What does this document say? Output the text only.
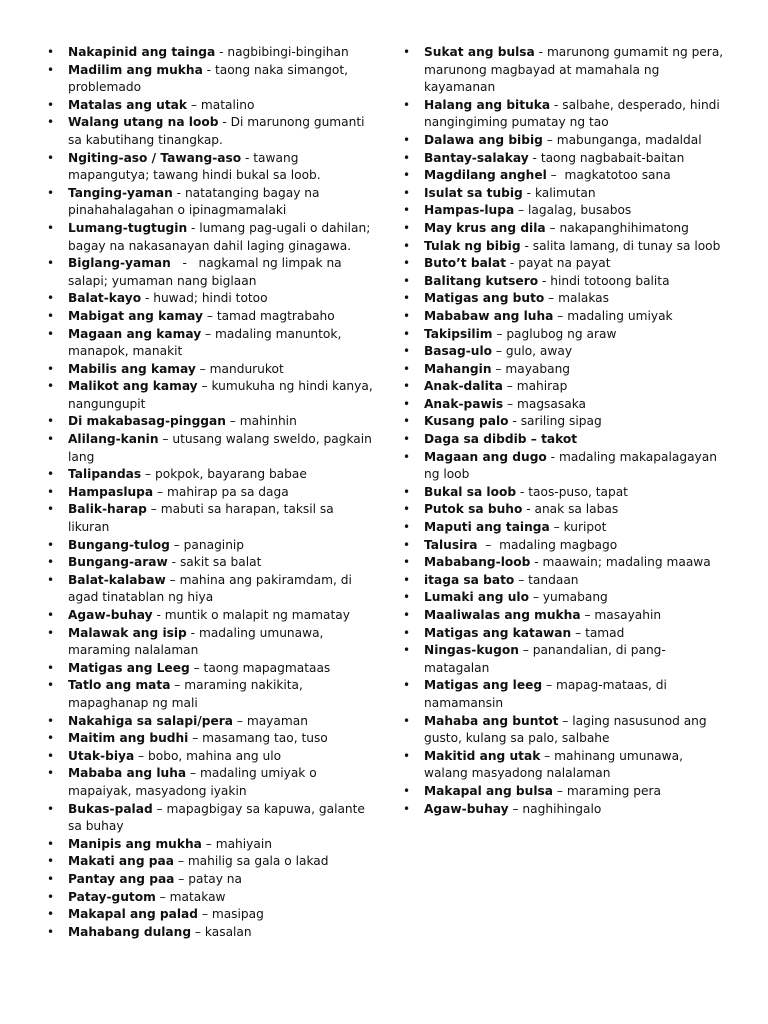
• Nakapinid ang tainga - nagbibingi-bingihan
• Madilim ang mukha - taong naka simangot, problemado
• Matalas ang utak – matalino
• Walang utang na loob - Di marunong gumanti sa kabutihang tinangkap.
• Ngiting-aso / Tawang-aso - tawang mapangutya; tawang hindi bukal sa loob.
• Tanging-yaman - natatanging bagay na pinahahalagahan o ipinagmamalaki
• Lumang-tugtugin - lumang pag-ugali o dahilan; bagay na nakasanayan dahil laging ginagawa.
• Biglang-yaman   -   nagkamal ng limpak na salapi; yumaman nang biglaan
• Balat-kayo - huwad; hindi totoo
• Mabigat ang kamay – tamad magtrabaho
• Magaan ang kamay – madaling manuntok, manapok, manakit
• Mabilis ang kamay – mandurukot
• Malikot ang kamay – kumukuha ng hindi kanya, nangungupit
• Di makabasag-pinggan – mahinhin
• Alilang-kanin – utusang walang sweldo, pagkain lang
• Talipandas – pokpok, bayarang babae
• Hampaslupa – mahirap pa sa daga
• Balik-harap – mabuti sa harapan, taksil sa likuran
• Bungang-tulog – panaginip
• Bungang-araw - sakit sa balat
• Balat-kalabaw – mahina ang pakiramdam, di agad tinatablan ng hiya
• Agaw-buhay - muntik o malapit ng mamatay
• Malawak ang isip - madaling umunawa, maraming nalalaman
• Matigas ang Leeg – taong mapagmataas
• Tatlo ang mata – maraming nakikita, mapaghanap ng mali
• Nakahiga sa salapi/pera – mayaman
• Maitim ang budhi – masamang tao, tuso
• Utak-biya – bobo, mahina ang ulo
• Mababa ang luha – madaling umiyak o mapaiyak, masyadong iyakin
• Bukas-palad – mapagbigay sa kapuwa, galante sa buhay
• Manipis ang mukha – mahiyain
• Makati ang paa – mahilig sa gala o lakad
• Pantay ang paa – patay na
• Patay-gutom – matakaw
• Makapal ang palad – masipag
• Mahabang dulang – kasalan
• Sukat ang bulsa - marunong gumamit ng pera, marunong magbayad at mamahala ng kayamanan
• Halang ang bituka - salbahe, desperado, hindi nangingiming pumatay ng tao
• Dalawa ang bibig – mabunganga, madaldal
• Bantay-salakay - taong nagbabait-baitan
• Magdilang anghel –  magkatotoo sana
• Isulat sa tubig - kalimutan
• Hampas-lupa – lagalag, busabos
• May krus ang dila – nakapanghihimatong
• Tulak ng bibig - salita lamang, di tunay sa loob
• Buto’t balat - payat na payat
• Balitang kutsero - hindi totoong balita
• Matigas ang buto – malakas
• Mababaw ang luha – madaling umiyak
• Takipsilim – paglubog ng araw
• Basag-ulo – gulo, away
• Mahangin – mayabang
• Anak-dalita – mahirap
• Anak-pawis – magsasaka
• Kusang palo - sariling sipag
• Daga sa dibdib – takot
• Magaan ang dugo - madaling makapalagayan ng loob
• Bukal sa loob - taos-puso, tapat
• Putok sa buho - anak sa labas
• Maputi ang tainga – kuripot
• Talusira  –  madaling magbago
• Mababang-loob - maawain; madaling maawa
• itaga sa bato – tandaan
• Lumaki ang ulo – yumabang
• Maaliwalas ang mukha – masayahin
• Matigas ang katawan – tamad
• Ningas-kugon – panandalian, di pang-matagalan
• Matigas ang leeg – mapag-mataas, di namamansin
• Mahaba ang buntot – laging nasusunod ang gusto, kulang sa palo, salbahe
• Makitid ang utak – mahinang umunawa, walang masyadong nalalaman
• Makapal ang bulsa – maraming pera
• Agaw-buhay – naghihingalo
